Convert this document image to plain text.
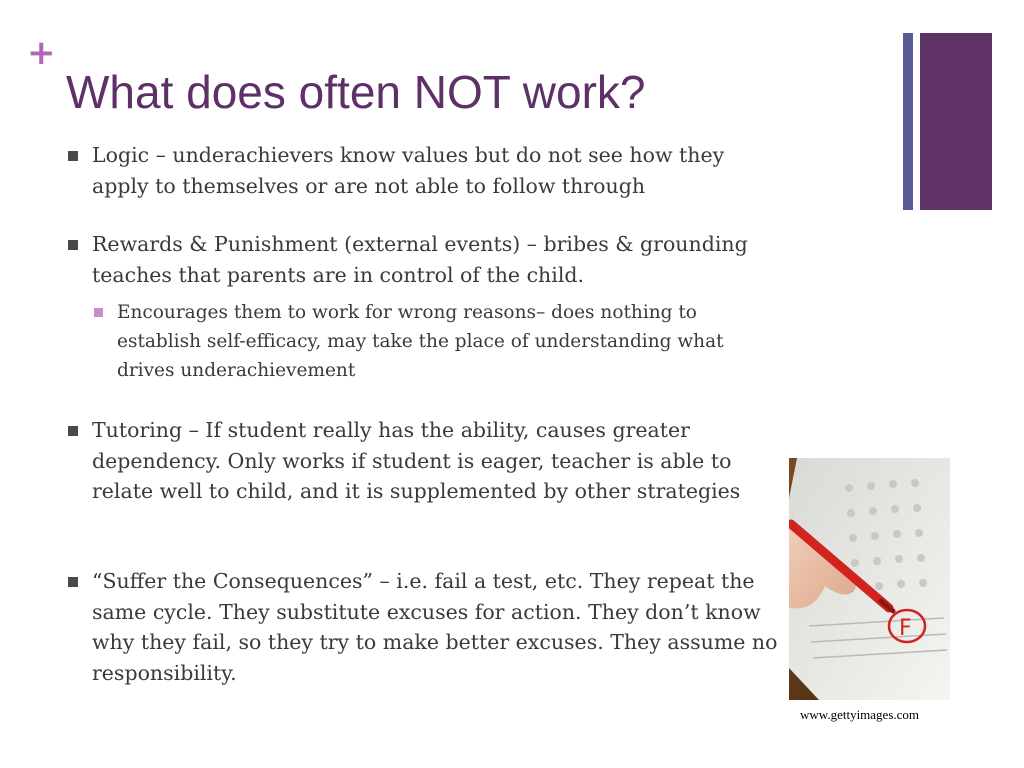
+
What does often NOT work?
Logic – underachievers know values but do not see how they apply to themselves or are not able to follow through
Rewards & Punishment (external events) – bribes & grounding teaches that parents are in control of the child.
Encourages them to work for wrong reasons– does nothing to establish self-efficacy, may take the place of understanding what drives underachievement
Tutoring – If student really has the ability, causes greater dependency. Only works if student is eager, teacher is able to relate well to child, and it is supplemented by other strategies
“Suffer the Consequences” – i.e. fail a test, etc. They repeat the same cycle. They substitute excuses for action. They don’t know why they fail, so they try to make better excuses. They assume no responsibility.
F
www.gettyimages.com
